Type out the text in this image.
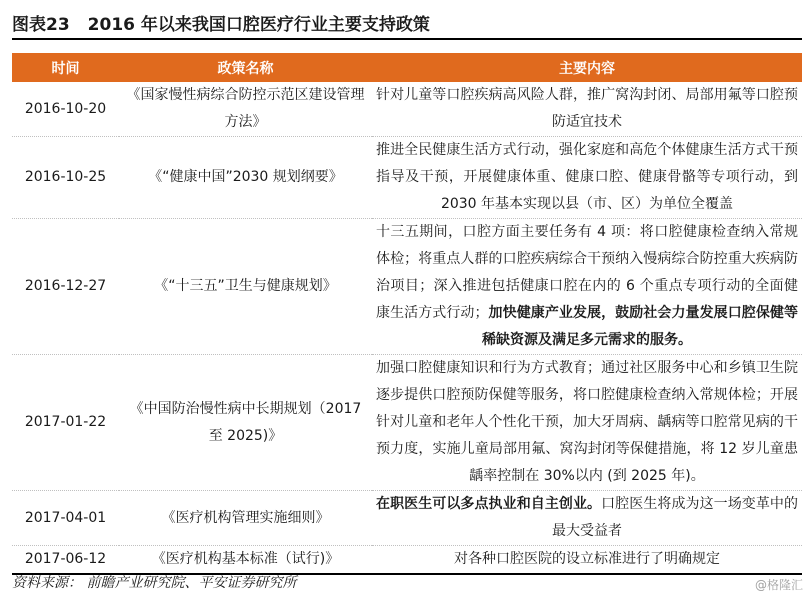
图表23 2016 年以来我国口腔医疗行业主要支持政策
时间	政策名称	主要内容
2016-10-20	《国家慢性病综合防控示范区建设管理方法》	针对儿童等口腔疾病高风险人群，推广窝沟封闭、局部用氟等口腔预防适宜技术
2016-10-25	《“健康中国”2030 规划纲要》	推进全民健康生活方式行动，强化家庭和高危个体健康生活方式干预指导及干预，开展健康体重、健康口腔、健康骨骼等专项行动，到 2030 年基本实现以县（市、区）为单位全覆盖
2016-12-27	《“十三五”卫生与健康规划》	十三五期间，口腔方面主要任务有 4 项：将口腔健康检查纳入常规体检；将重点人群的口腔疾病综合干预纳入慢病综合防控重大疾病防治项目；深入推进包括健康口腔在内的 6 个重点专项行动的全面健康生活方式行动；加快健康产业发展，鼓励社会力量发展口腔保健等稀缺资源及满足多元需求的服务。
2017-01-22	《中国防治慢性病中长期规划（2017 至 2025)》	加强口腔健康知识和行为方式教育；通过社区服务中心和乡镇卫生院逐步提供口腔预防保健等服务，将口腔健康检查纳入常规体检；开展针对儿童和老年人个性化干预，加大牙周病、龋病等口腔常见病的干预力度，实施儿童局部用氟、窝沟封闭等保健措施，将 12 岁儿童患龋率控制在 30%以内 (到 2025 年)。
2017-04-01	《医疗机构管理实施细则》	在职医生可以多点执业和自主创业。口腔医生将成为这一场变革中的最大受益者
2017-06-12	《医疗机构基本标准（试行)》	对各种口腔医院的设立标准进行了明确规定
资料来源： 前瞻产业研究院、平安证券研究所	@格隆汇
